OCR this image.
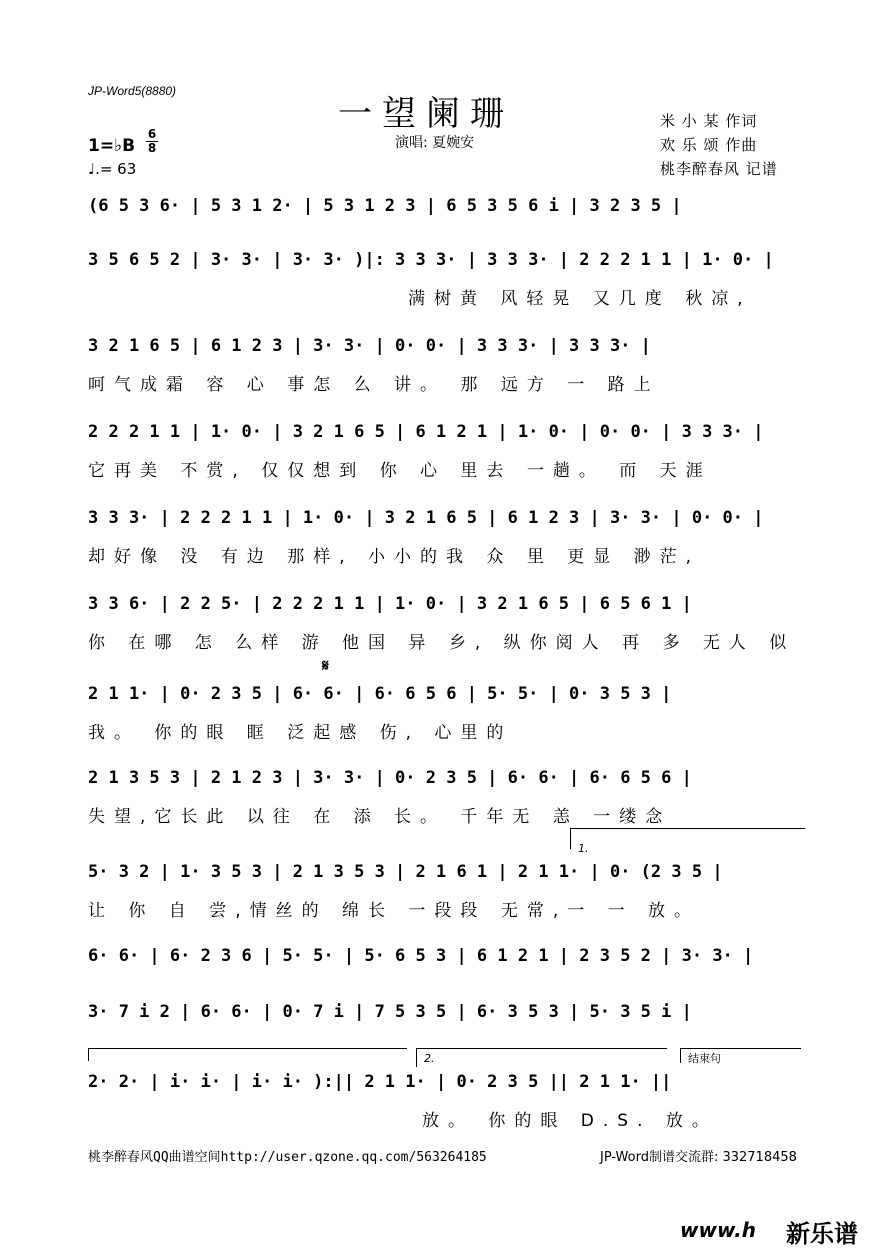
JP-Word5(8880)
一望阑珊
演唱: 夏婉安
米 小 某 作词
欢 乐 颂 作曲
桃李醉春风 记谱
1=♭B
6
8
♩.= 63
(6 5 3 6· | 5 3 1 2· | 5 3 1 2 3 | 6 5 3 5 6 i | 3 2 3 5 |
3 5 6 5 2 | 3· 3· | 3· 3· )|: 3 3 3· | 3 3 3· | 2 2 2 1 1 | 1· 0· |
满树黄 风轻晃 又几度 秋凉,
3 2 1 6 5 | 6 1 2 3 | 3· 3· | 0· 0· | 3 3 3· | 3 3 3· |
呵气成霜 容 心 事怎 么 讲。 那 远方 一 路上
2 2 2 1 1 | 1· 0· | 3 2 1 6 5 | 6 1 2 1 | 1· 0· | 0· 0· | 3 3 3· |
它再美 不赏, 仅仅想到 你 心 里去 一趟。 而 天涯
3 3 3· | 2 2 2 1 1 | 1· 0· | 3 2 1 6 5 | 6 1 2 3 | 3· 3· | 0· 0· |
却好像 没 有边 那样, 小小的我 众 里 更显 渺茫,
3 3 6· | 2 2 5· | 2 2 2 1 1 | 1· 0· | 3 2 1 6 5 | 6 5 6 1 |
你 在哪 怎 么样 游 他国 异 乡, 纵你阅人 再 多 无人 似
𝄋
2 1 1· | 0· 2 3 5 | 6· 6· | 6· 6 5 6 | 5· 5· | 0· 3 5 3 |
我。 你的眼 眶 泛起感 伤, 心里的
2 1 3 5 3 | 2 1 2 3 | 3· 3· | 0· 2 3 5 | 6· 6· | 6· 6 5 6 |
失望,它长此 以往 在 添 长。 千年无 恙 一缕念
1.
5· 3 2 | 1· 3 5 3 | 2 1 3 5 3 | 2 1 6 1 | 2 1 1· | 0· (2 3 5 |
让 你 自 尝,情丝的 绵长 一段段 无常,一 一 放。
6· 6· | 6· 2 3 6 | 5· 5· | 5· 6 5 3 | 6 1 2 1 | 2 3 5 2 | 3· 3· |
3· 7 i 2 | 6· 6· | 0· 7 i | 7 5 3 5 | 6· 3 5 3 | 5· 3 5 i |
2.	结束句
2· 2· | i· i· | i· i· ):|| 2 1 1· | 0· 2 3 5 || 2 1 1· ||
放。 你的眼 D.S. 放。
桃李醉春风QQ曲谱空间http://user.qzone.qq.com/563264185	JP-Word制谱交流群: 332718458
www.h 新乐谱
